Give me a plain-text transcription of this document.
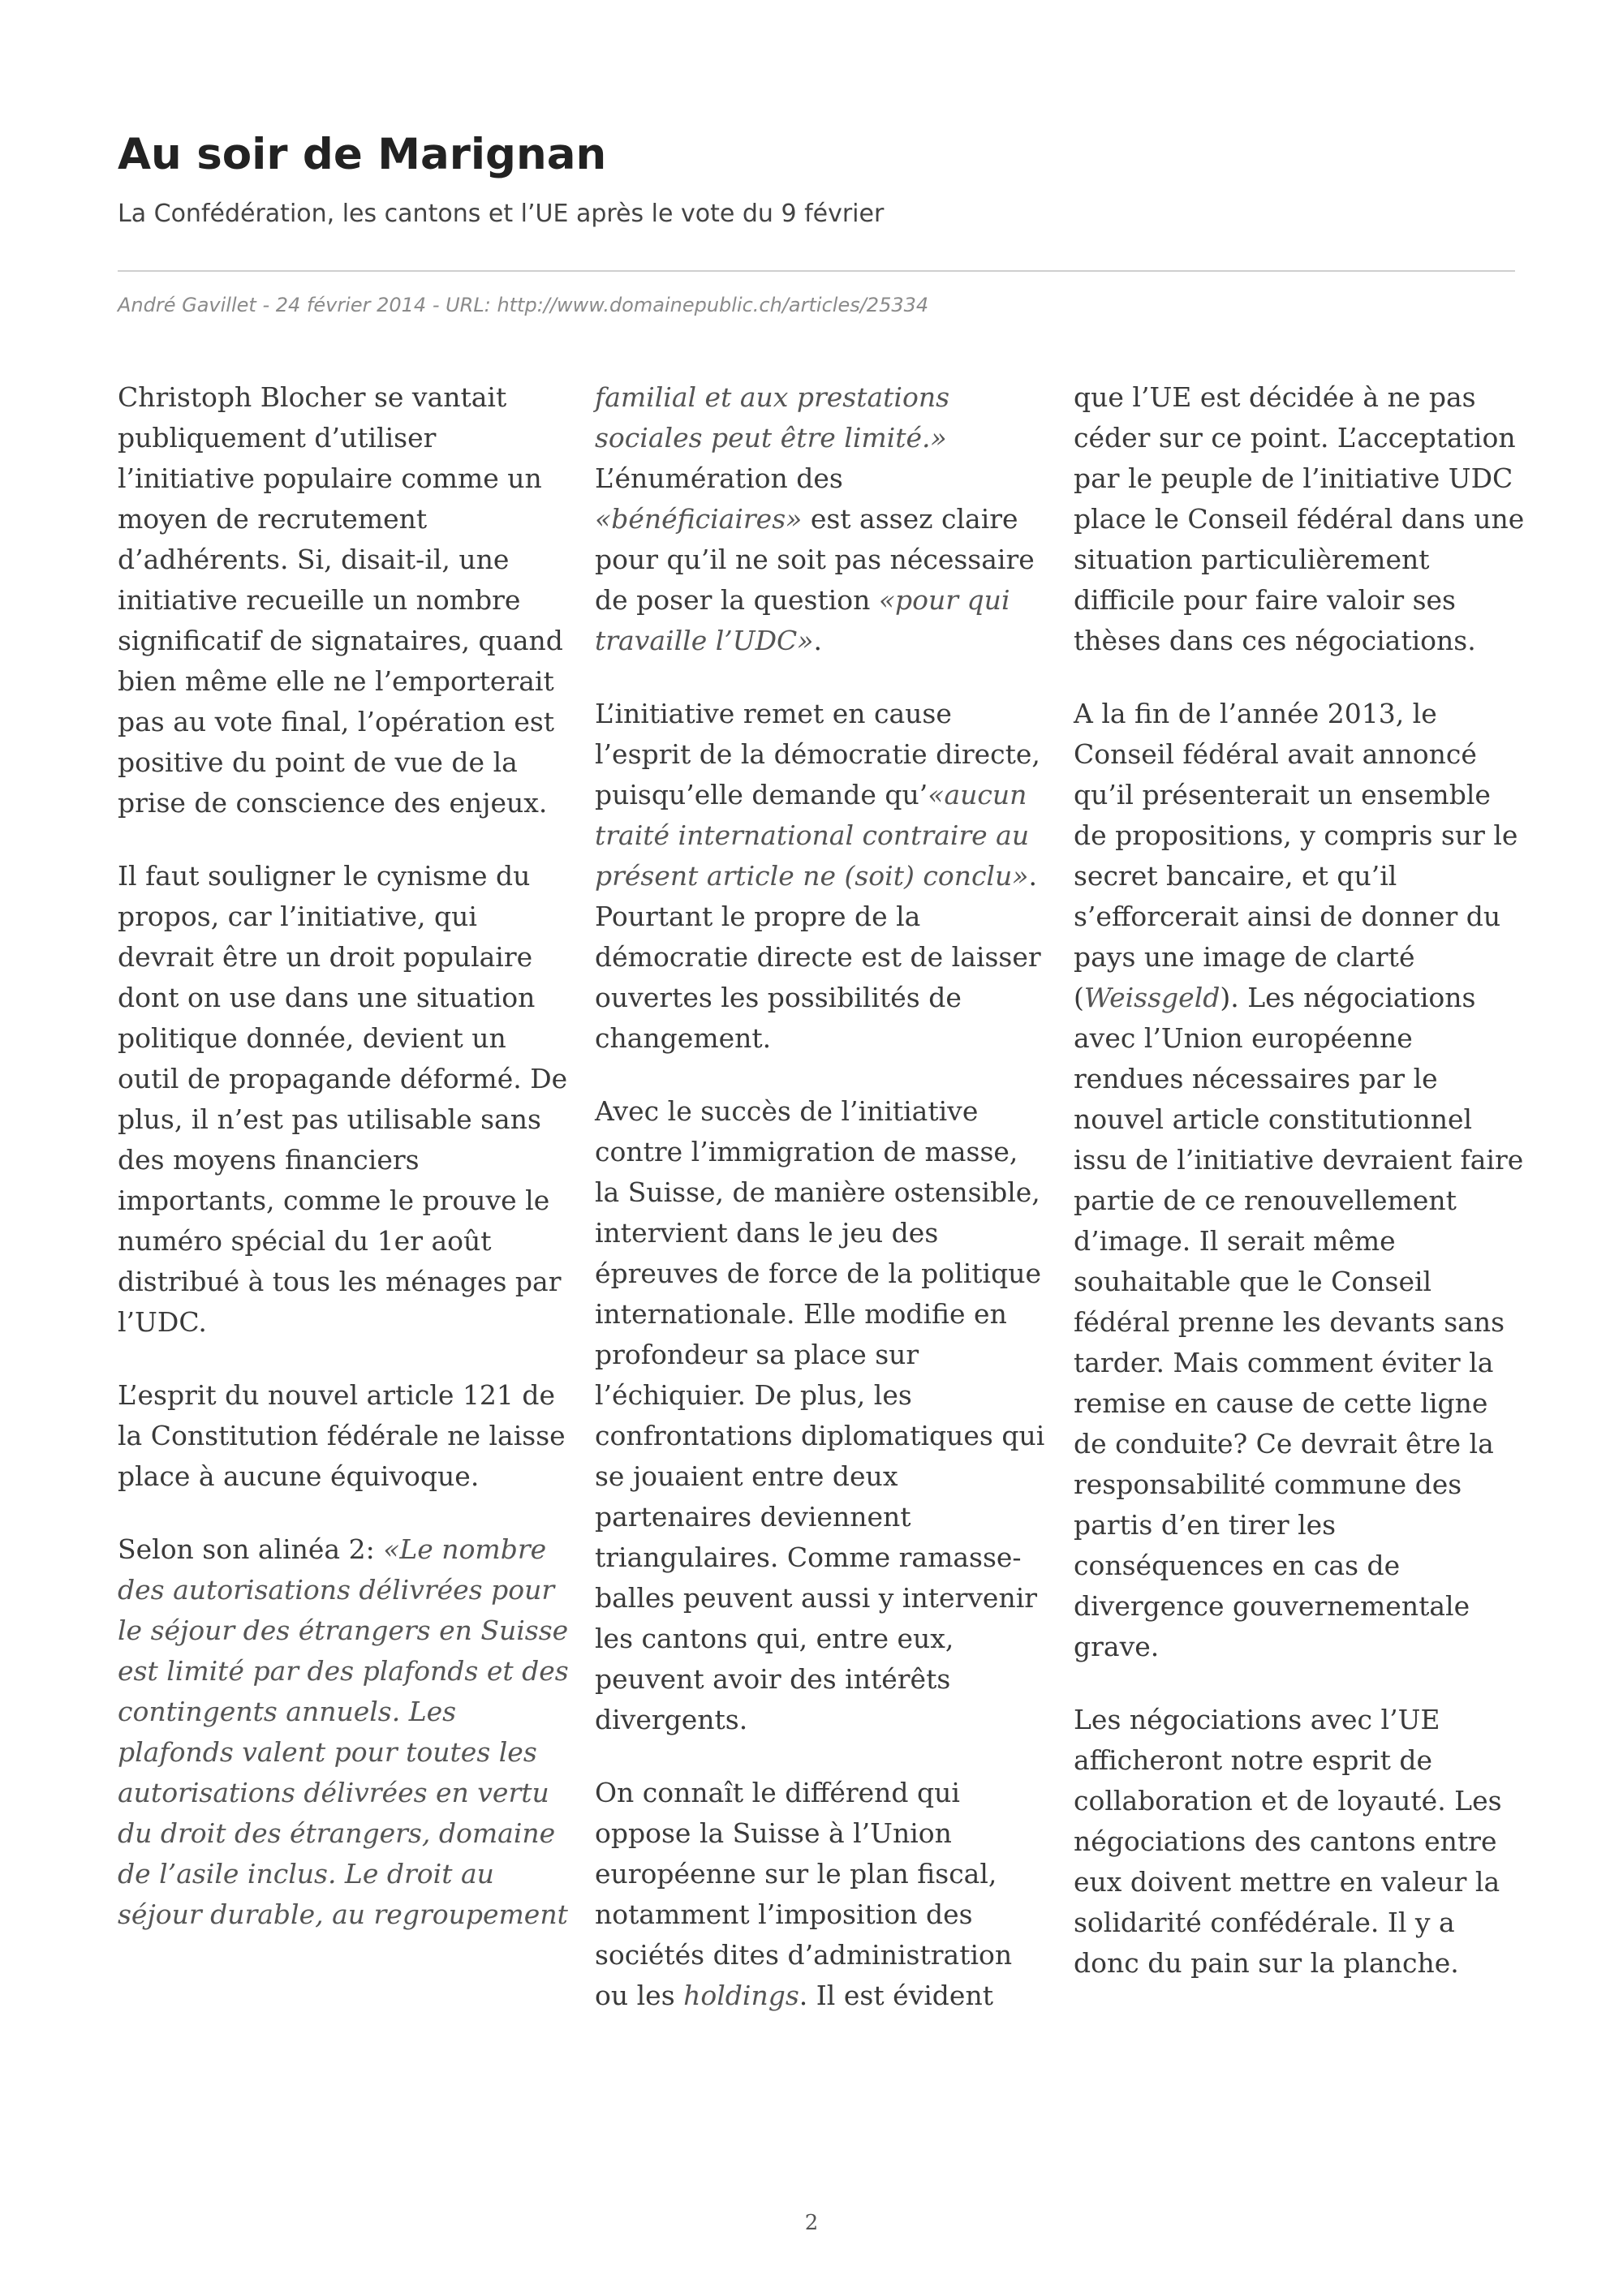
Au soir de Marignan
La Confédération, les cantons et l’UE après le vote du 9 février
André Gavillet - 24 février 2014 - URL: http://www.domainepublic.ch/articles/25334

Christoph Blocher se vantait publiquement d’utiliser l’initiative populaire comme un moyen de recrutement d’adhérents. Si, disait-il, une initiative recueille un nombre significatif de signataires, quand bien même elle ne l’emporterait pas au vote final, l’opération est positive du point de vue de la prise de conscience des enjeux.

Il faut souligner le cynisme du propos, car l’initiative, qui devrait être un droit populaire dont on use dans une situation politique donnée, devient un outil de propagande déformé. De plus, il n’est pas utilisable sans des moyens financiers importants, comme le prouve le numéro spécial du 1er août distribué à tous les ménages par l’UDC.

L’esprit du nouvel article 121 de la Constitution fédérale ne laisse place à aucune équivoque.

Selon son alinéa 2: «Le nombre des autorisations délivrées pour le séjour des étrangers en Suisse est limité par des plafonds et des contingents annuels. Les plafonds valent pour toutes les autorisations délivrées en vertu du droit des étrangers, domaine de l’asile inclus. Le droit au séjour durable, au regroupement

familial et aux prestations sociales peut être limité.» L’énumération des «bénéficiaires» est assez claire pour qu’il ne soit pas nécessaire de poser la question «pour qui travaille l’UDC».

L’initiative remet en cause l’esprit de la démocratie directe, puisqu’elle demande qu’«aucun traité international contraire au présent article ne (soit) conclu». Pourtant le propre de la démocratie directe est de laisser ouvertes les possibilités de changement.

Avec le succès de l’initiative contre l’immigration de masse, la Suisse, de manière ostensible, intervient dans le jeu des épreuves de force de la politique internationale. Elle modifie en profondeur sa place sur l’échiquier. De plus, les confrontations diplomatiques qui se jouaient entre deux partenaires deviennent triangulaires. Comme ramasse-balles peuvent aussi y intervenir les cantons qui, entre eux, peuvent avoir des intérêts divergents.

On connaît le différend qui oppose la Suisse à l’Union européenne sur le plan fiscal, notamment l’imposition des sociétés dites d’administration ou les holdings. Il est évident

que l’UE est décidée à ne pas céder sur ce point. L’acceptation par le peuple de l’initiative UDC place le Conseil fédéral dans une situation particulièrement difficile pour faire valoir ses thèses dans ces négociations.

A la fin de l’année 2013, le Conseil fédéral avait annoncé qu’il présenterait un ensemble de propositions, y compris sur le secret bancaire, et qu’il s’efforcerait ainsi de donner du pays une image de clarté (Weissgeld). Les négociations avec l’Union européenne rendues nécessaires par le nouvel article constitutionnel issu de l’initiative devraient faire partie de ce renouvellement d’image. Il serait même souhaitable que le Conseil fédéral prenne les devants sans tarder. Mais comment éviter la remise en cause de cette ligne de conduite? Ce devrait être la responsabilité commune des partis d’en tirer les conséquences en cas de divergence gouvernementale grave.

Les négociations avec l’UE afficheront notre esprit de collaboration et de loyauté. Les négociations des cantons entre eux doivent mettre en valeur la solidarité confédérale. Il y a donc du pain sur la planche.

2
